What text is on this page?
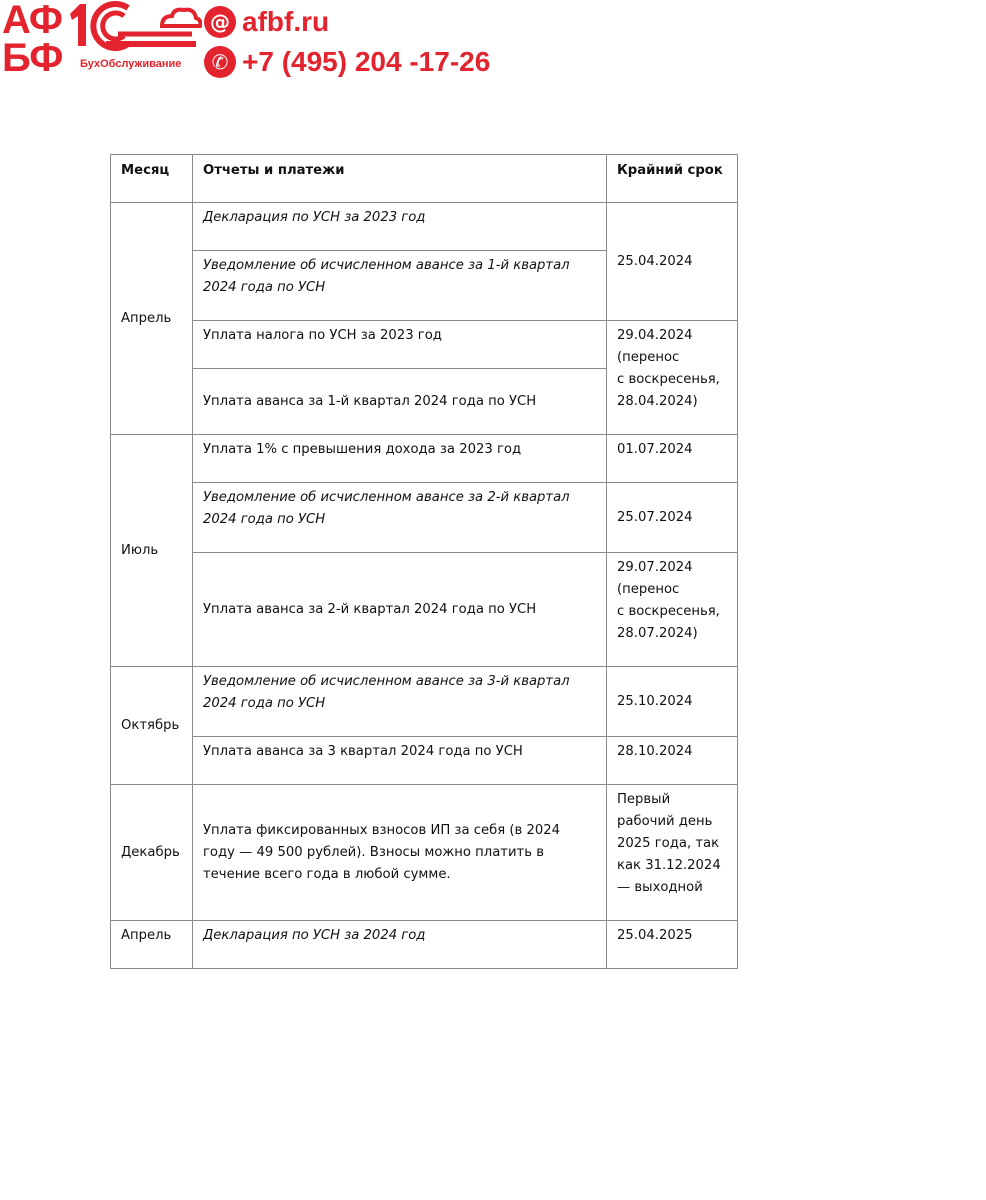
АФ
БФ БухОбслуживание
@ afbf.ru
✆ +7 (495) 204 -17-26
Месяц	Отчеты и платежи	Крайний срок
Апрель	Декларация по УСН за 2023 год	25.04.2024
	Уведомление об исчисленном авансе за 1-й квартал 2024 года по УСН	
	Уплата налога по УСН за 2023 год	29.04.2024
(перенос
с воскресенья,
28.04.2024)

	Уплата аванса за 1-й квартал 2024 года по УСН	
Июль	Уплата 1% с превышения дохода за 2023 год	01.07.2024
	Уведомление об исчисленном авансе за 2-й квартал 2024 года по УСН	25.07.2024
	Уплата аванса за 2-й квартал 2024 года по УСН	29.07.2024
(перенос
с воскресенья,
28.07.2024)

Октябрь	Уведомление об исчисленном авансе за 3-й квартал 2024 года по УСН	25.10.2024
	Уплата аванса за 3 квартал 2024 года по УСН	28.10.2024
Декабрь	Уплата фиксированных взносов ИП за себя (в 2024 году — 49 500 рублей). Взносы можно платить в течение всего года в любой сумме.	Первый
рабочий день
2025 года, так
как 31.12.2024
— выходной

Апрель	Декларация по УСН за 2024 год	25.04.2025
